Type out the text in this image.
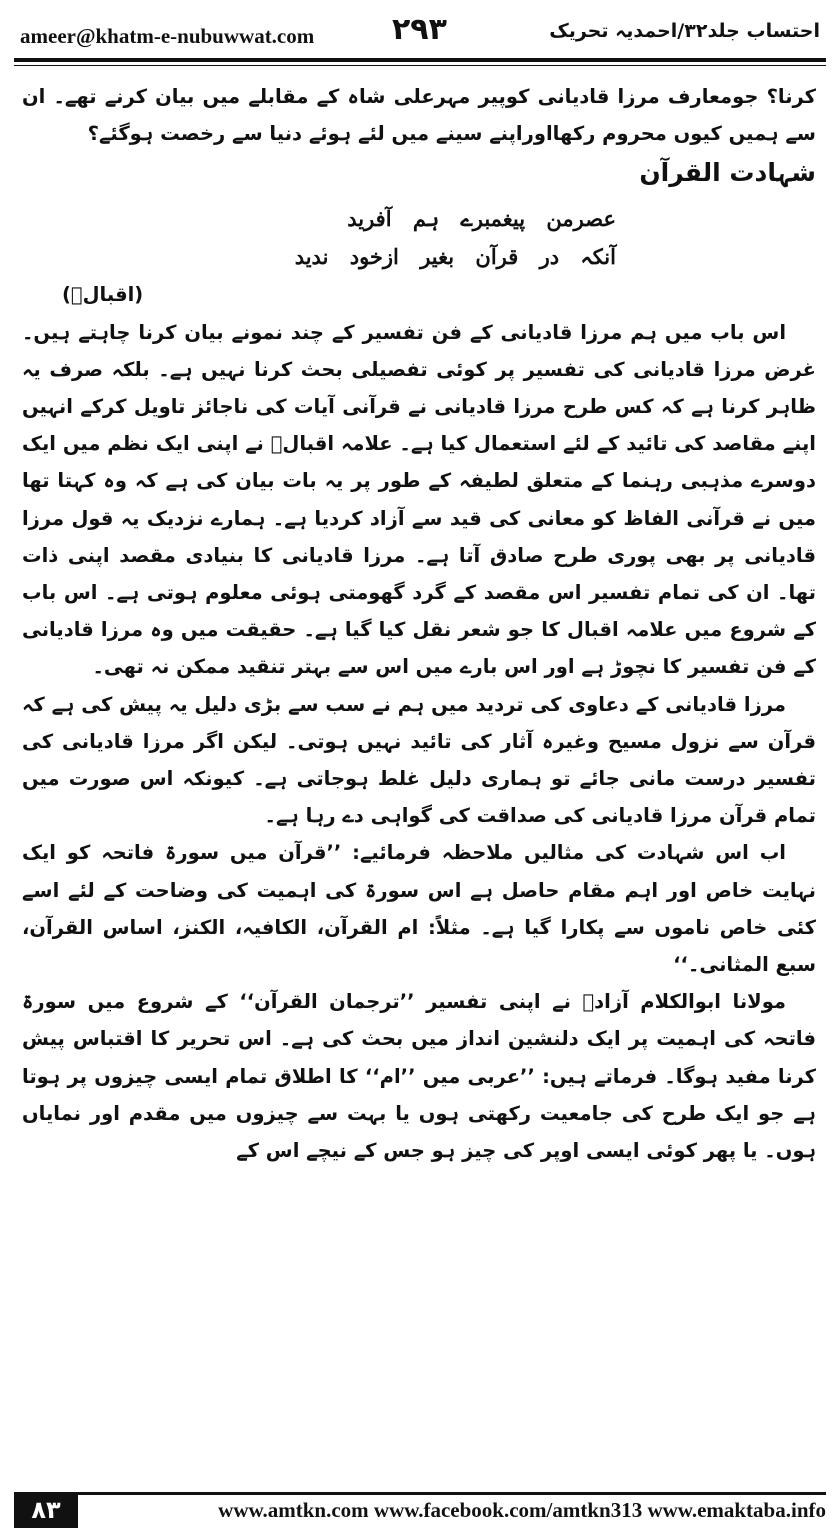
ameer@khatm-e-nubuwwat.com	۲۹۳	احتساب جلد۳۲/احمدیہ تحریک

کرنا؟ جومعارف مرزا قادیانی کوپیر مہرعلی شاہ کے مقابلے میں بیان کرنے تھے۔ ان سے ہمیں کیوں محروم رکھااوراپنے سینے میں لئے ہوئے دنیا سے رخصت ہوگئے؟

شہادت القرآن

عصرمن پیغمبرے ہم آفرید
آنکہ در قرآن بغیر ازخود ندید

(اقبالؒ)

اس باب میں ہم مرزا قادیانی کے فن تفسیر کے چند نمونے بیان کرنا چاہتے ہیں۔ غرض مرزا قادیانی کی تفسیر پر کوئی تفصیلی بحث کرنا نہیں ہے۔ بلکہ صرف یہ ظاہر کرنا ہے کہ کس طرح مرزا قادیانی نے قرآنی آیات کی ناجائز تاویل کرکے انہیں اپنے مقاصد کی تائید کے لئے استعمال کیا ہے۔ علامہ اقبالؒ نے اپنی ایک نظم میں ایک دوسرے مذہبی رہنما کے متعلق لطیفہ کے طور پر یہ بات بیان کی ہے کہ وہ کہتا تھا میں نے قرآنی الفاظ کو معانی کی قید سے آزاد کردیا ہے۔ ہمارے نزدیک یہ قول مرزا قادیانی پر بھی پوری طرح صادق آتا ہے۔ مرزا قادیانی کا بنیادی مقصد اپنی ذات تھا۔ ان کی تمام تفسیر اس مقصد کے گرد گھومتی ہوئی معلوم ہوتی ہے۔ اس باب کے شروع میں علامہ اقبال کا جو شعر نقل کیا گیا ہے۔ حقیقت میں وہ مرزا قادیانی کے فن تفسیر کا نچوڑ ہے اور اس بارے میں اس سے بہتر تنقید ممکن نہ تھی۔

مرزا قادیانی کے دعاوی کی تردید میں ہم نے سب سے بڑی دلیل یہ پیش کی ہے کہ قرآن سے نزول مسیح وغیرہ آثار کی تائید نہیں ہوتی۔ لیکن اگر مرزا قادیانی کی تفسیر درست مانی جائے تو ہماری دلیل غلط ہوجاتی ہے۔ کیونکہ اس صورت میں تمام قرآن مرزا قادیانی کی صداقت کی گواہی دے رہا ہے۔

اب اس شہادت کی مثالیں ملاحظہ فرمائیے: ’’قرآن میں سورۃ فاتحہ کو ایک نہایت خاص اور اہم مقام حاصل ہے اس سورۃ کی اہمیت کی وضاحت کے لئے اسے کئی خاص ناموں سے پکارا گیا ہے۔ مثلاً: ام القرآن، الکافیہ، الکنز، اساس القرآن، سبع المثانی۔‘‘

مولانا ابوالکلام آزادؒ نے اپنی تفسیر ’’ترجمان القرآن‘‘ کے شروع میں سورۃ فاتحہ کی اہمیت پر ایک دلنشین انداز میں بحث کی ہے۔ اس تحریر کا اقتباس پیش کرنا مفید ہوگا۔ فرماتے ہیں: ’’عربی میں ’’ام‘‘ کا اطلاق تمام ایسی چیزوں پر ہوتا ہے جو ایک طرح کی جامعیت رکھتی ہوں یا بہت سے چیزوں میں مقدم اور نمایاں ہوں۔ یا پھر کوئی ایسی اوپر کی چیز ہو جس کے نیچے اس کے

۸۳	www.amtkn.com www.facebook.com/amtkn313 www.emaktaba.info
